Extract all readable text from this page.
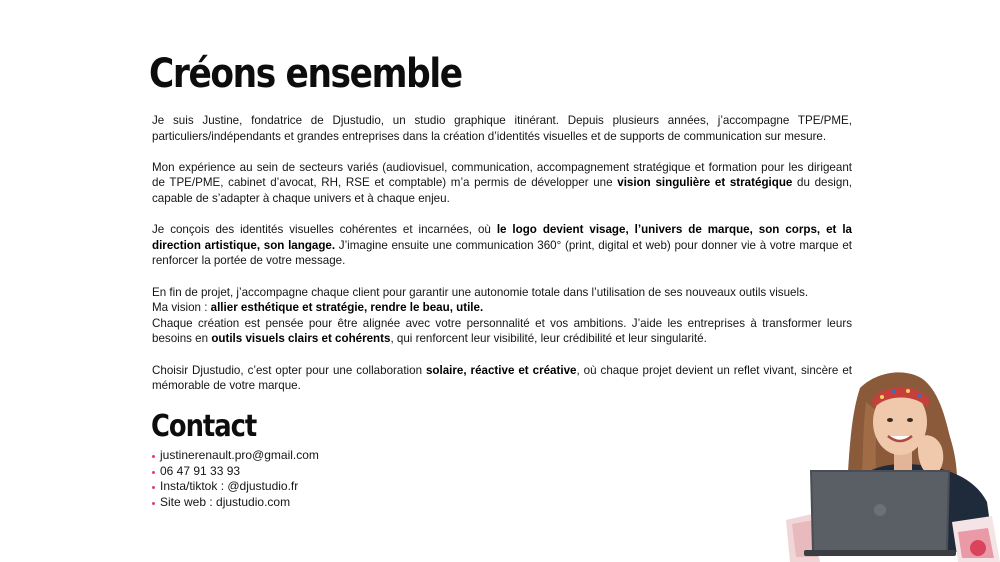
Créons ensemble

Je suis Justine, fondatrice de Djustudio, un studio graphique itinérant. Depuis plusieurs années, j’accompagne TPE/PME, particuliers/indépendants et grandes entreprises dans la création d’identités visuelles et de supports de communication sur mesure.

Mon expérience au sein de secteurs variés (audiovisuel, communication, accompagnement stratégique et formation pour les dirigeant de TPE/PME, cabinet d’avocat, RH, RSE et comptable) m’a permis de développer une vision singulière et stratégique du design, capable de s’adapter à chaque univers et à chaque enjeu.

Je conçois des identités visuelles cohérentes et incarnées, où le logo devient visage, l’univers de marque, son corps, et la direction artistique, son langage. J’imagine ensuite une communication 360° (print, digital et web) pour donner vie à votre marque et renforcer la portée de votre message.

En fin de projet, j’accompagne chaque client pour garantir une autonomie totale dans l’utilisation de ses nouveaux outils visuels.
Ma vision : allier esthétique et stratégie, rendre le beau, utile.
Chaque création est pensée pour être alignée avec votre personnalité et vos ambitions. J’aide les entreprises à transformer leurs besoins en outils visuels clairs et cohérents, qui renforcent leur visibilité, leur crédibilité et leur singularité.

Choisir Djustudio, c’est opter pour une collaboration solaire, réactive et créative, où chaque projet devient un reflet vivant, sincère et mémorable de votre marque.

Contact
justinerenault.pro@gmail.com
06 47 91 33 93
Insta/tiktok : @djustudio.fr
Site web : djustudio.com
